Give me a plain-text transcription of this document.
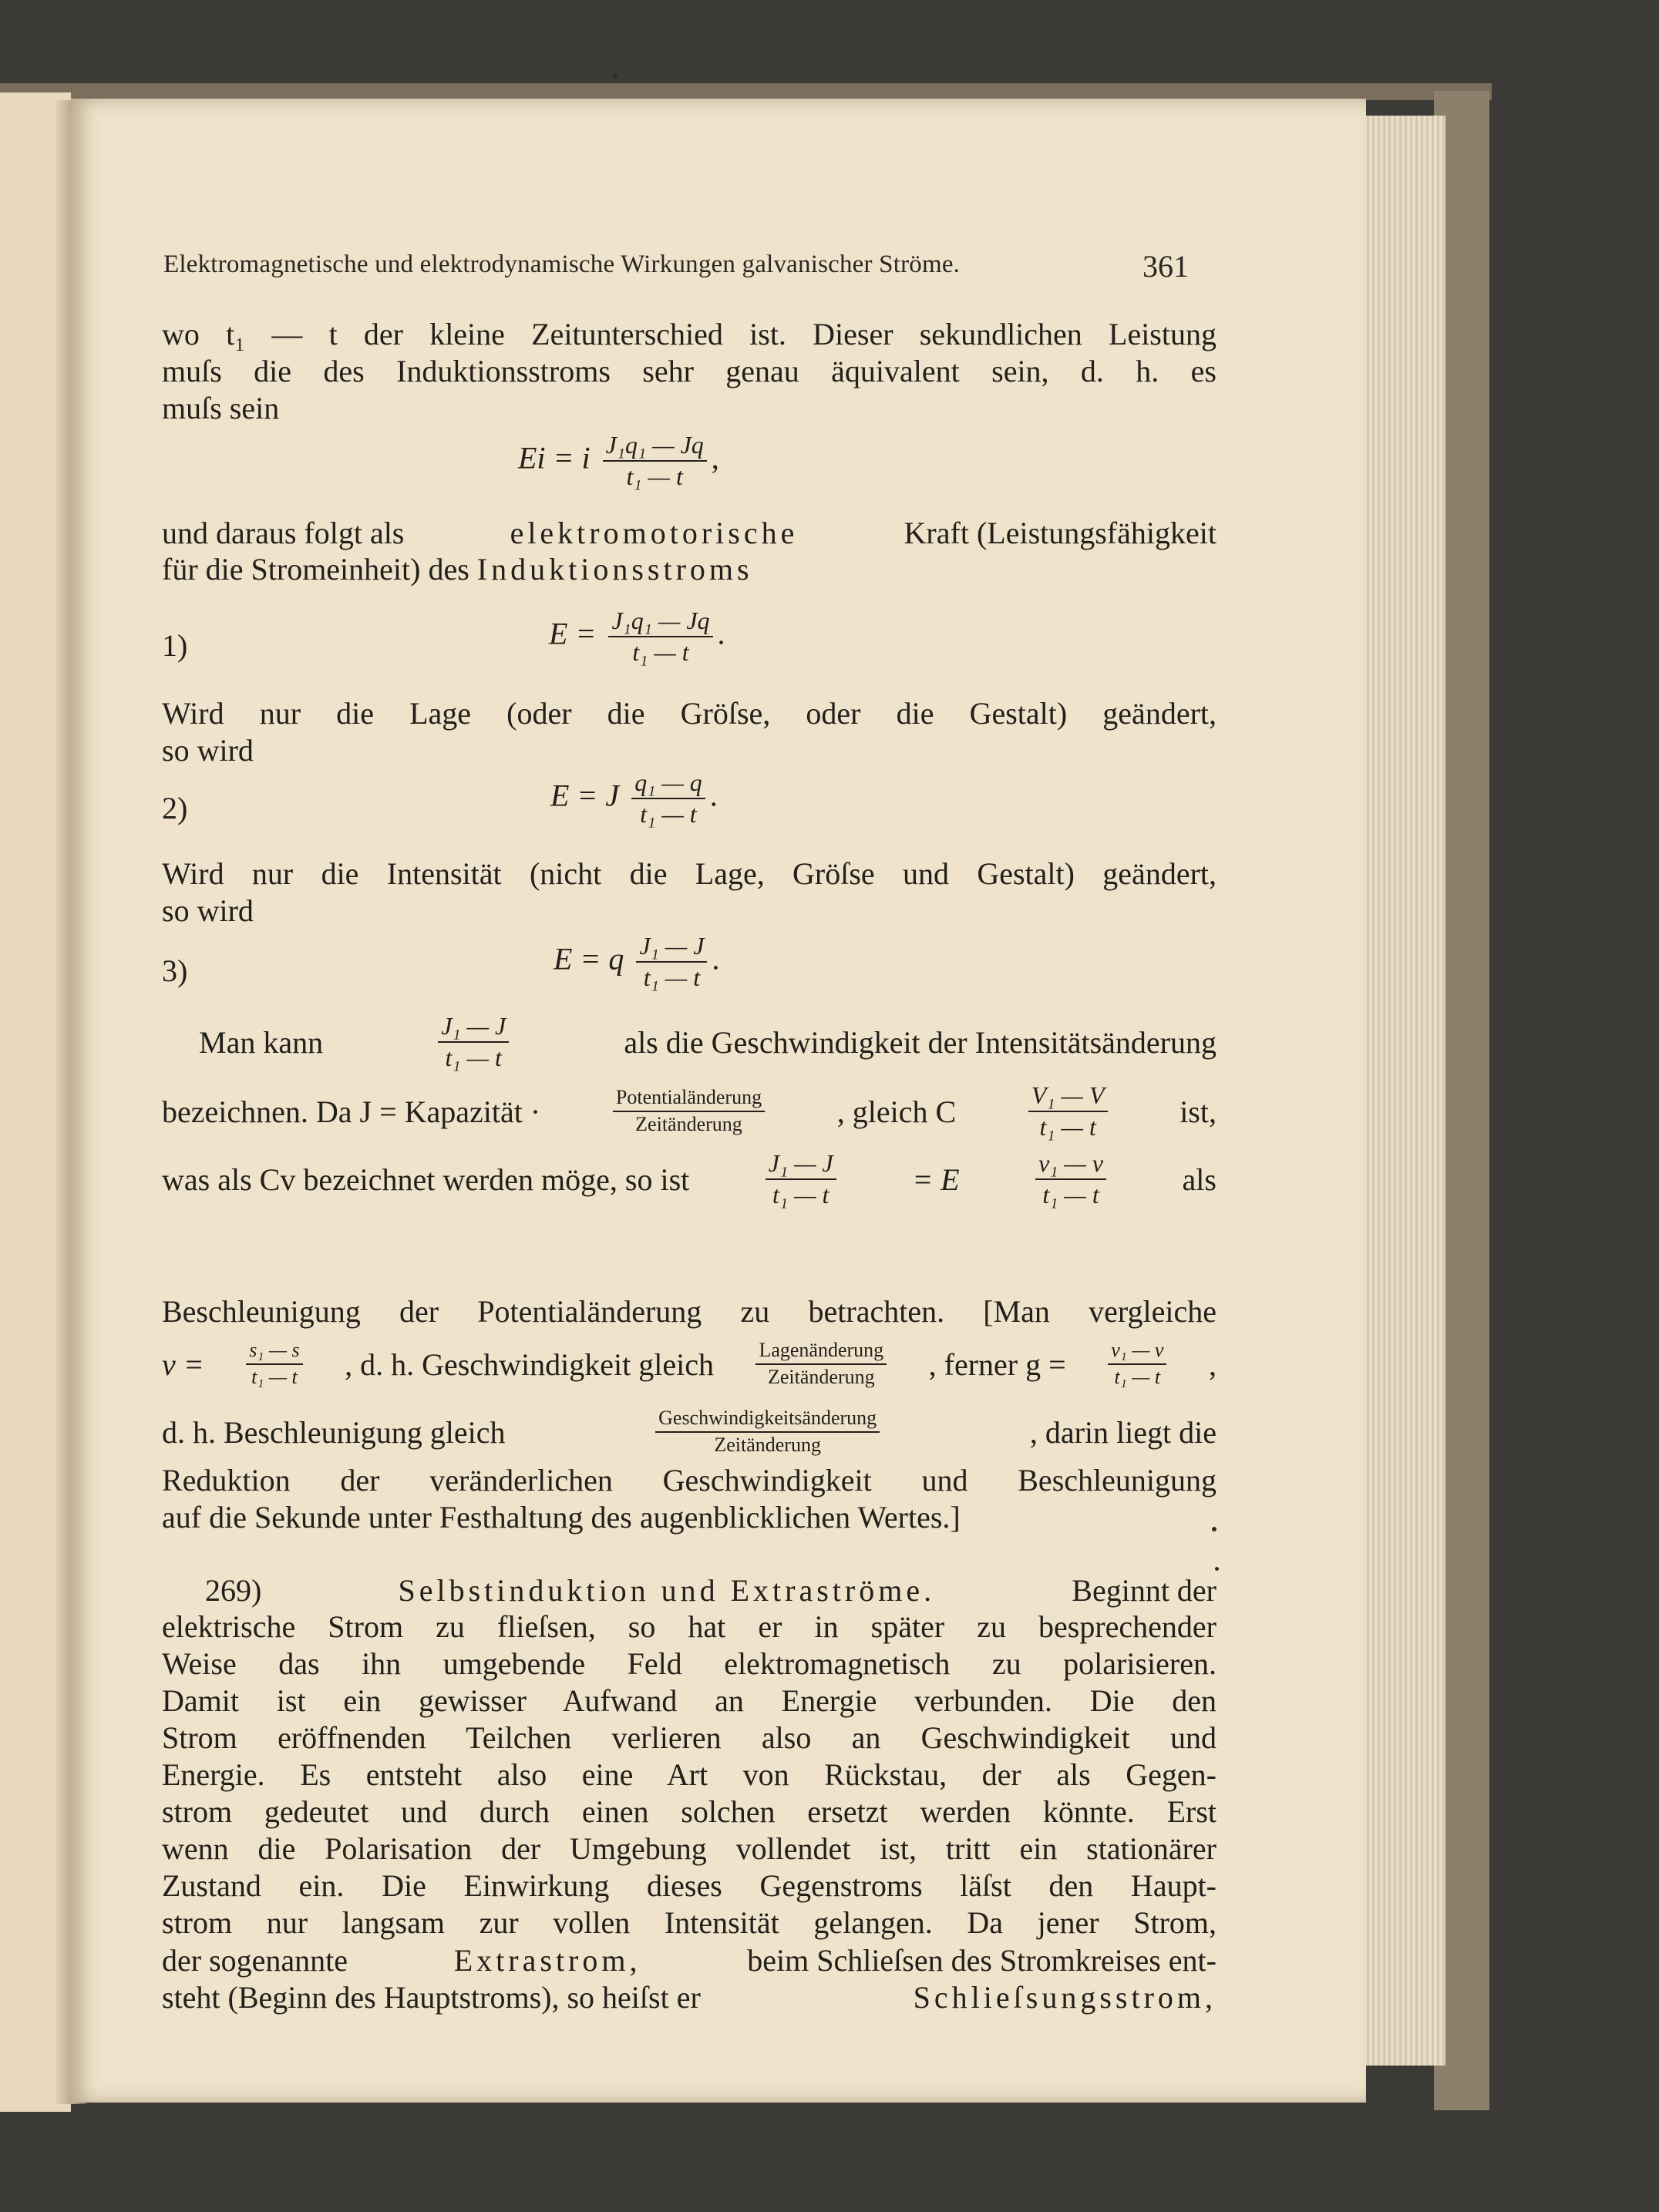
Elektromagnetische und elektrodynamische Wirkungen galvanischer Ströme.	361
wo t₁ — t der kleine Zeitunterschied ist. Dieser sekundlichen Leistung
muſs die des Induktionsstroms sehr genau äquivalent sein, d. h. es
muſs sein
Ei = i $\frac{\text{J₁q₁ — Jq}}{\text{t₁ — t}}$ ,
und daraus folgt als	elektromotorische	Kraft (Leistungsfähigkeit
für die Stromeinheit) des Induktionsstroms
1)	$E = \frac{\text{J₁q₁ — Jq}}{\text{t₁ — t}}$ .
Wird nur die Lage (oder die Gröſse, oder die Gestalt) geändert,
so wird
2)	E = J $\frac{\text{q₁ — q}}{\text{t₁ — t}}$ .
Wird nur die Intensität (nicht die Lage, Gröſse und Gestalt) geändert,
so wird
3)	E = q $\frac{\text{J₁ — J}}{\text{t₁ — t}}$ .
Man kann	$\frac{\text{J₁ — J}}{\text{t₁ — t}}$	als die Geschwindigkeit der Intensitätsänderung
bezeichnen. Da J = Kapazität ·	$\frac{\text{Potentialänderung}}{\text{Zeitänderung}}$ , gleich C	$\frac{\text{V₁ — V}}{\text{t₁ — t}}$ ist,
was als Cv bezeichnet werden möge, so ist	$\frac{\text{J₁ — J}}{\text{t₁ — t}} = E$	$\frac{\text{v₁ — v}}{\text{t₁ — t}}$ als
Beschleunigung der Potentialänderung zu betrachten. [Man vergleiche
$v = \frac{\text{s₁ — s}}{\text{t₁ — t}}$ , d. h. Geschwindigkeit gleich $\frac{\text{Lagenänderung}}{\text{Zeitänderung}}$ , ferner $g = \frac{\text{v₁ — v}}{\text{t₁ — t}}$ ,
d. h. Beschleunigung gleich	$\frac{\text{Geschwindigkeitsänderung}}{\text{Zeitänderung}}$	, darin liegt die
Reduktion der veränderlichen Geschwindigkeit und Beschleunigung
auf die Sekunde unter Festhaltung des augenblicklichen Wertes.]
269)	Selbstinduktion und Extraströme.	Beginnt der
elektrische Strom zu flieſsen, so hat er in später zu besprechender
Weise das ihn umgebende Feld elektromagnetisch zu polarisieren.
Damit ist ein gewisser Aufwand an Energie verbunden. Die den
Strom eröffnenden Teilchen verlieren also an Geschwindigkeit und
Energie. Es entsteht also eine Art von Rückstau, der als Gegen-
strom gedeutet und durch einen solchen ersetzt werden könnte. Erst
wenn die Polarisation der Umgebung vollendet ist, tritt ein stationärer
Zustand ein. Die Einwirkung dieses Gegenstroms läſst den Haupt-
strom nur langsam zur vollen Intensität gelangen. Da jener Strom,
der sogenannte	Extrastrom,	beim Schlieſsen des Stromkreises ent-
steht (Beginn des Hauptstroms), so heiſst er	Schlieſsungsstrom,
